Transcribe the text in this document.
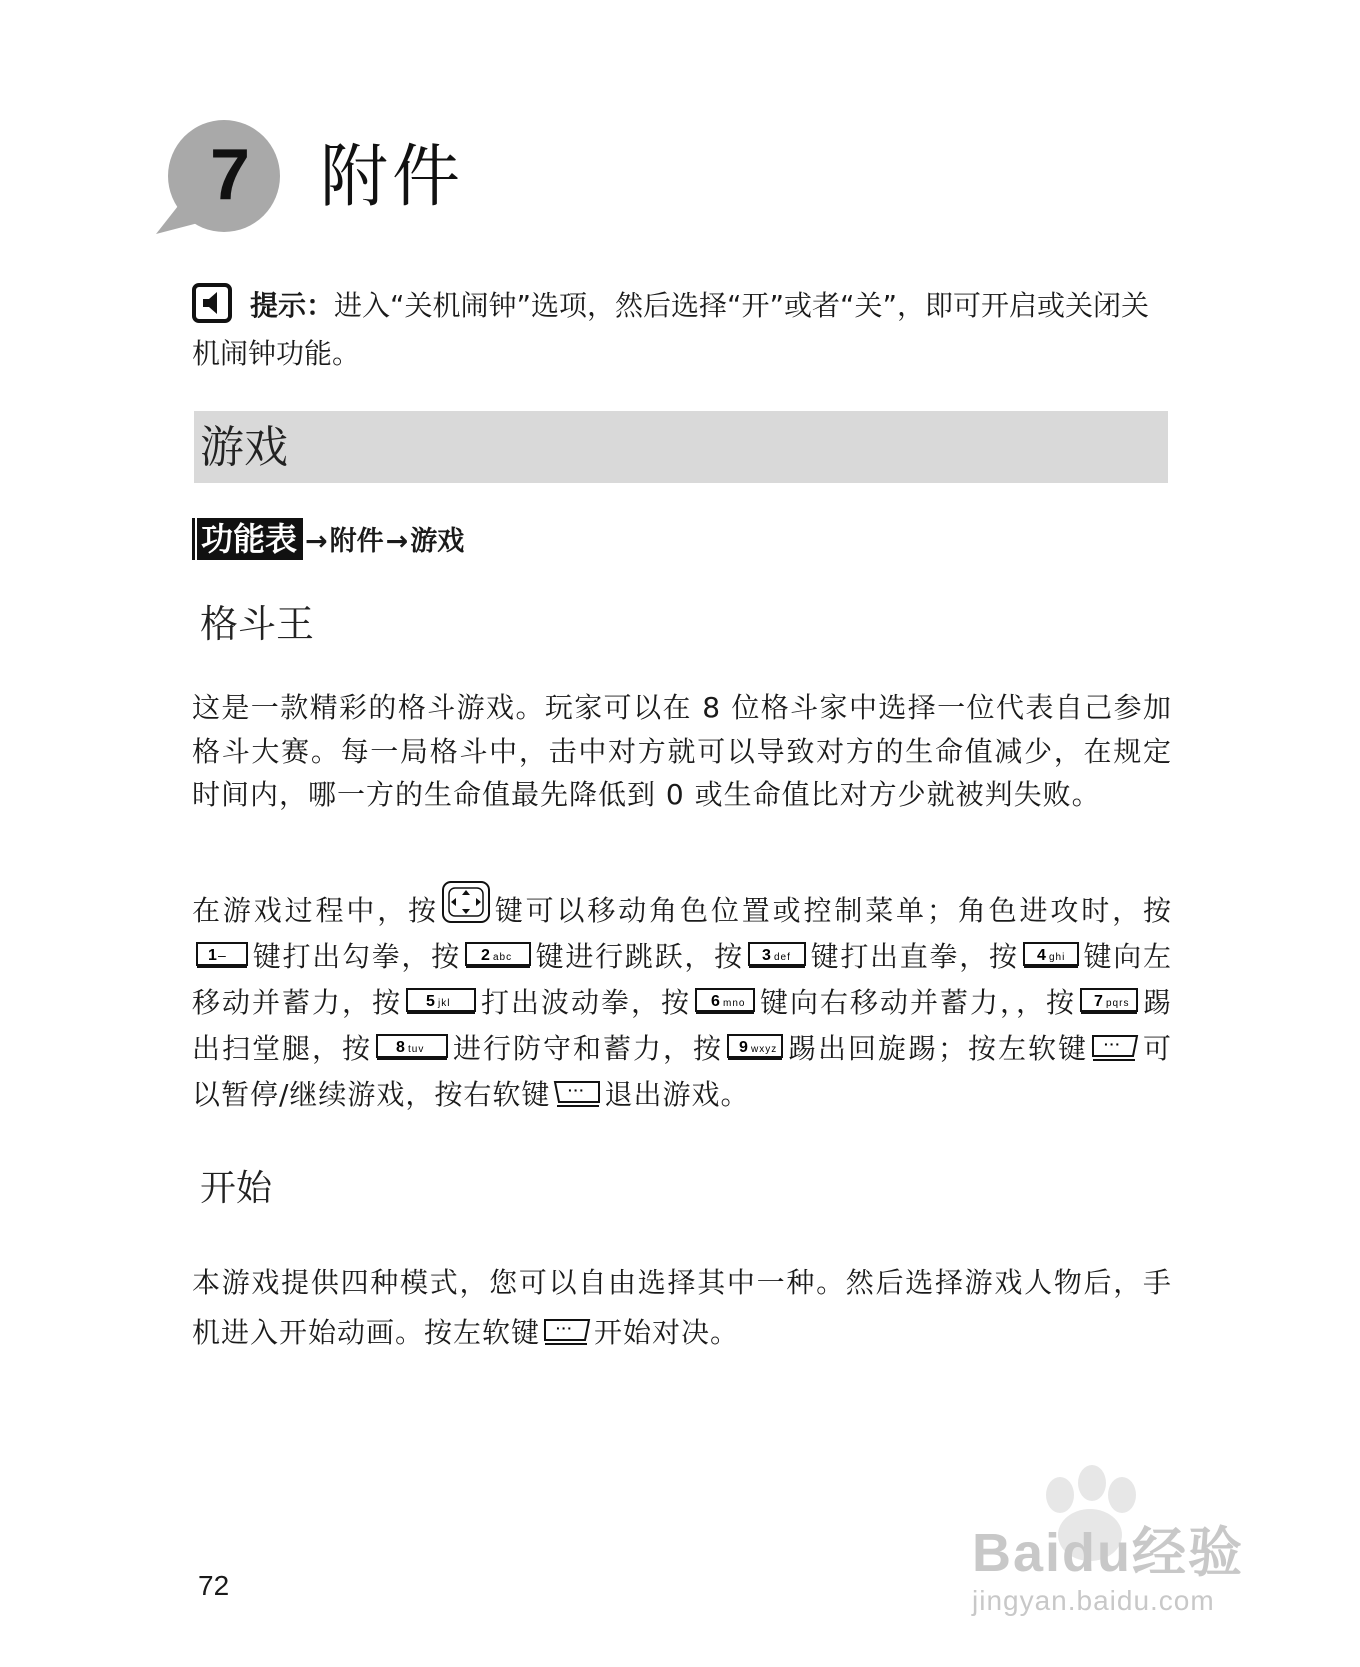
7 附件

提示：进入“关机闹钟”选项，然后选择“开”或者“关”，即可开启或关闭关机闹钟功能。

游戏
功能表 →附件→游戏
格斗王

这是一款精彩的格斗游戏。玩家可以在 8 位格斗家中选择一位代表自己参加格斗大赛。每一局格斗中，击中对方就可以导致对方的生命值减少，在规定时间内，哪一方的生命值最先降低到 0 或生命值比对方少就被判失败。

在游戏过程中，按 键可以移动角色位置或控制菜单；角色进攻时，按
1 – 键打出勾拳，按 2 abc 键进行跳跃，按 3 def 键打出直拳，按 4 ghi 键向左移动并蓄力，按 5 jkl 打出波动拳，按 6 mno 键向右移动并蓄力，，按 7 pqrs 踢出扫堂腿，按 8 tuv 进行防守和蓄力，按 9 wxyz 踢出回旋踢；按左软键 ··· 可以暂停/继续游戏，按右软键 ··· 退出游戏。

开始

本游戏提供四种模式，您可以自由选择其中一种。然后选择游戏人物后，手机进入开始动画。按左软键 ··· 开始对决。

72
Baidu经验
jingyan.baidu.com
